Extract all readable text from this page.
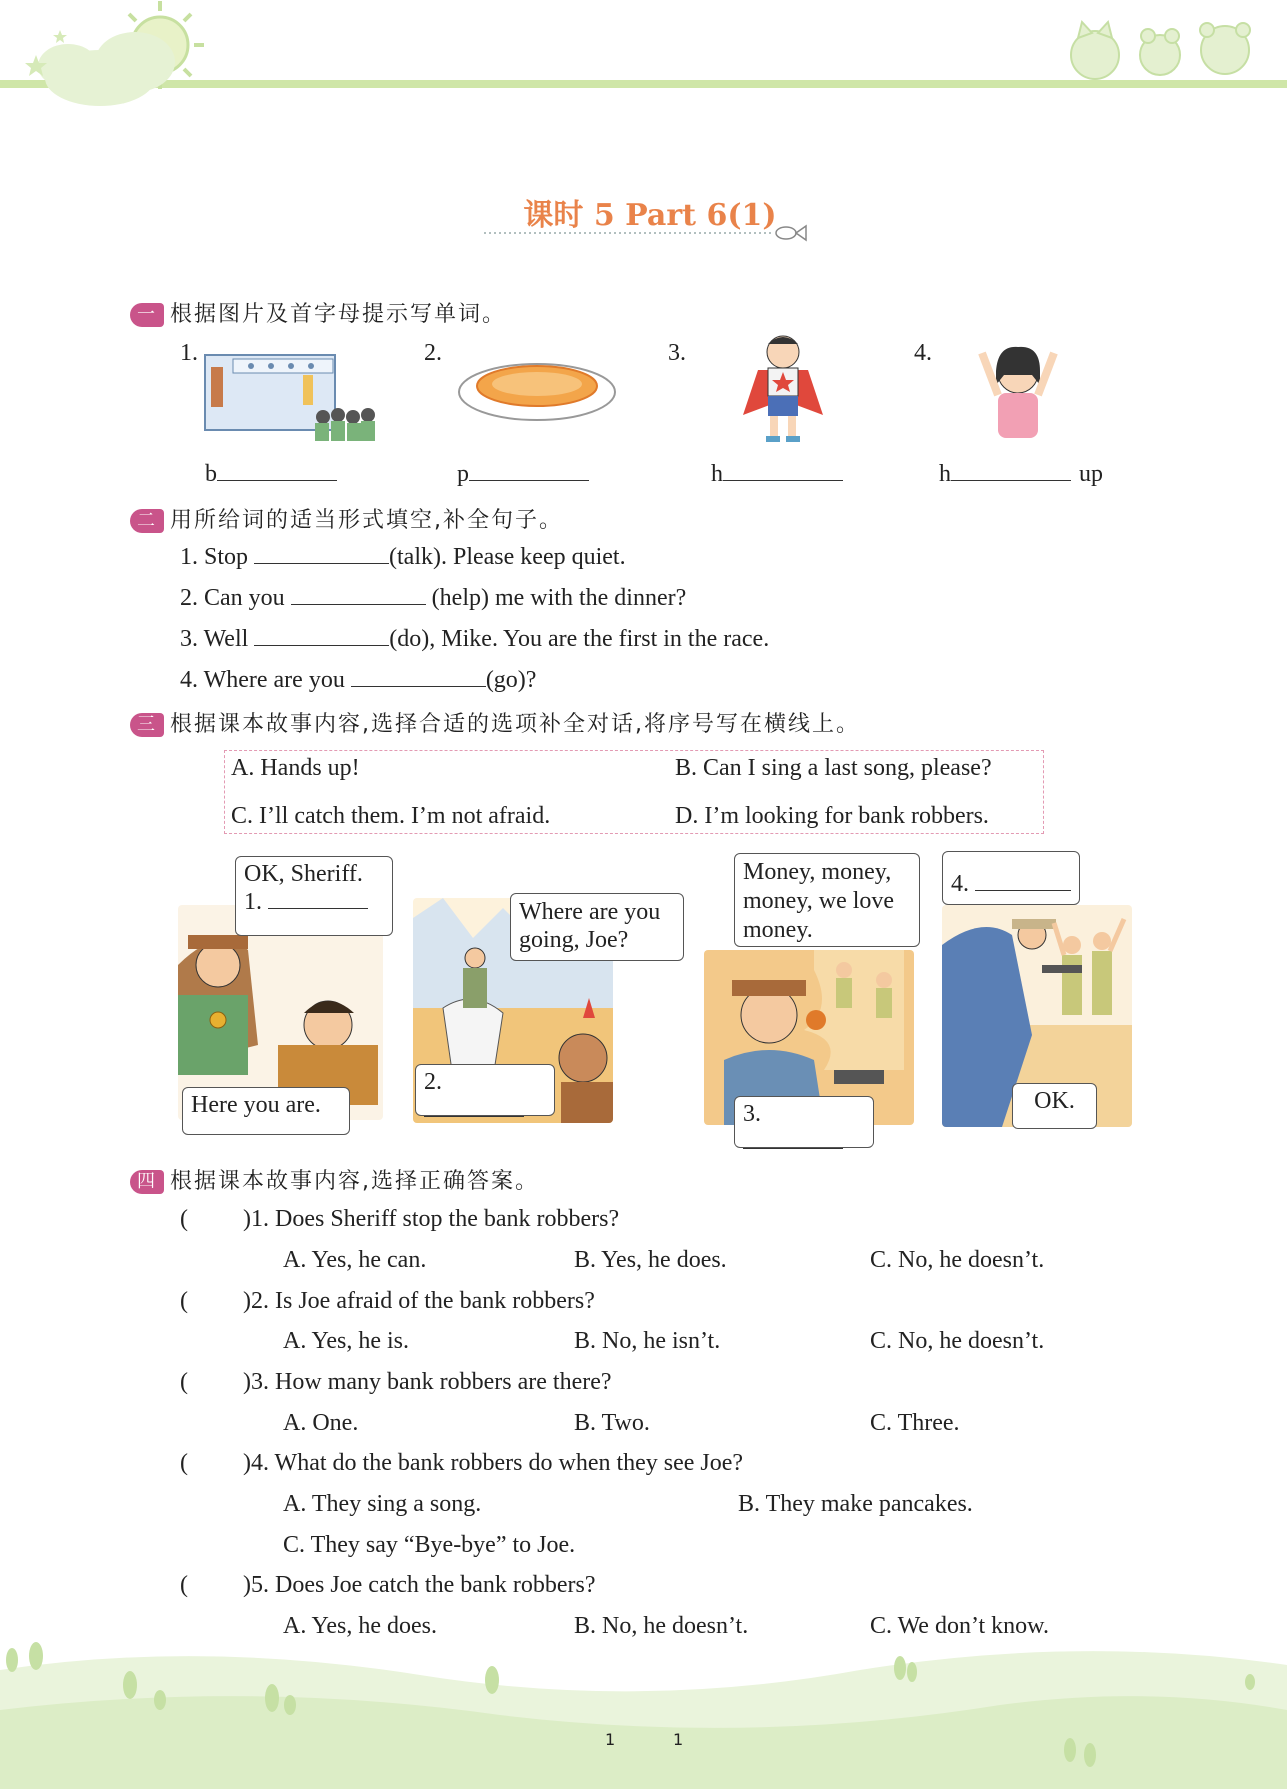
课时 5 Part 6(1)
一 根据图片及首字母提示写单词。
1.
b
2.
p
3.
h
4.
h	up
二 用所给词的适当形式填空,补全句子。
1. Stop	(talk). Please keep quiet.
2. Can you	(help) me with the dinner?
3. Well	(do), Mike. You are the first in the race.
4. Where are you	(go)?
三 根据课本故事内容,选择合适的选项补全对话,将序号写在横线上。
A. Hands up!	B. Can I sing a last song, please?
C. I’ll catch them. I’m not afraid.	D. I’m looking for bank robbers.
OK, Sheriff.
1.
Here you are.
Where are you
going, Joe?
2.
Money, money,
money, we love
money.
3.
4.
OK.
四 根据课本故事内容,选择正确答案。
( )1. Does Sheriff stop the bank robbers?
A. Yes, he can.	B. Yes, he does.	C. No, he doesn’t.
( )2. Is Joe afraid of the bank robbers?
A. Yes, he is.	B. No, he isn’t.	C. No, he doesn’t.
( )3. How many bank robbers are there?
A. One.	B. Two.	C. Three.
( )4. What do the bank robbers do when they see Joe?
A. They sing a song.	B. They make pancakes.
C. They say “Bye-bye” to Joe.
( )5. Does Joe catch the bank robbers?
A. Yes, he does.	B. No, he doesn’t.	C. We don’t know.
1	1
